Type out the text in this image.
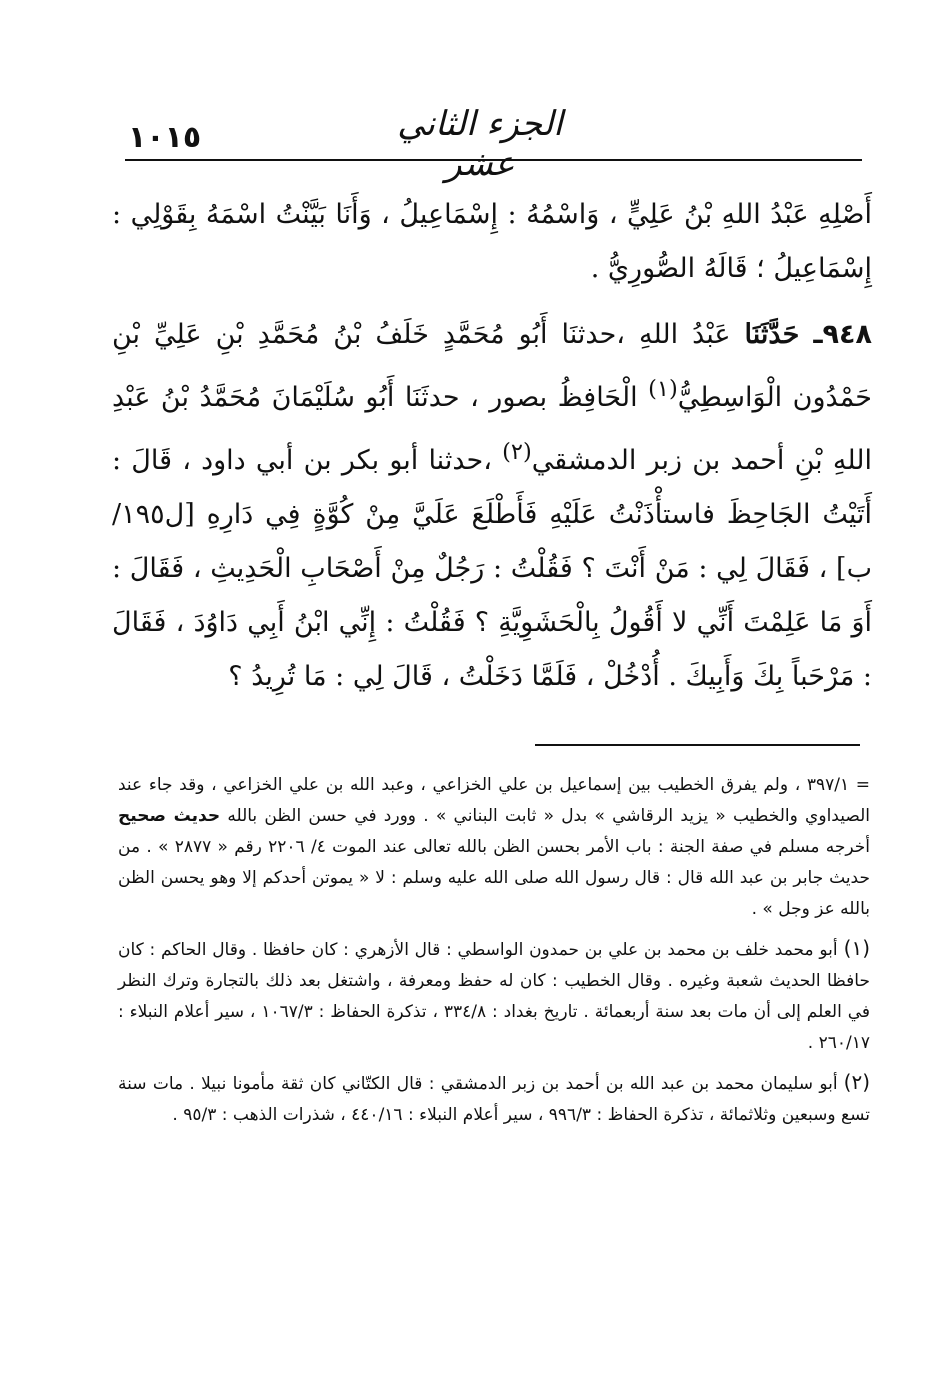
١٠١٥	الجزء الثاني عشر

أَصْلِهِ عَبْدُ اللهِ بْنُ عَلِيٍّ ، وَاسْمُهُ : إِسْمَاعِيلُ ، وَأَنَا بَيَّنْتُ اسْمَهُ بِقَوْلِي : إِسْمَاعِيلُ ؛ قَالَهُ الصُّورِيُّ .

٩٤٨ـ حَدَّثَنَا عَبْدُ اللهِ ،حدثنَا أَبُو مُحَمَّدٍ خَلَفُ بْنُ مُحَمَّدِ بْنِ عَلِيِّ بْنِ حَمْدُون الْوَاسِطِيُّ$^{(١)}$ الْحَافِظُ بصور ، حدثَنَا أَبُو سُلَيْمَانَ مُحَمَّدُ بْنُ عَبْدِ اللهِ بْنِ أحمد بن زبر الدمشقي$^{(٢)}$ ،حدثنا أبو بكر بن أبي داود ، قَالَ : أَتَيْتُ الجَاحِظَ فاستأْذَنْتُ عَلَيْهِ فَأَطْلَعَ عَلَيَّ مِنْ كُوَّةٍ فِي دَارِهِ [ل١٩٥/ ب] ، فَقَالَ لِي : مَنْ أَنْتَ ؟ فَقُلْتُ : رَجُلٌ مِنْ أَصْحَابِ الْحَدِيثِ ، فَقَالَ : أَوَ مَا عَلِمْتَ أَنِّي لا أَقُولُ بِالْحَشَوِيَّةِ ؟ فَقُلْتُ : إِنِّي ابْنُ أَبِي دَاوُدَ ، فَقَالَ : مَرْحَباً بِكَ وَأَبِيكَ . أُدْخُلْ ، فَلَمَّا دَخَلْتُ ، قَالَ لِي : مَا تُرِيدُ ؟

= ٣٩٧/١ ، ولم يفرق الخطيب بين إسماعيل بن علي الخزاعي ، وعبد الله بن علي الخزاعي ، وقد جاء عند الصيداوي والخطيب « يزيد الرقاشي » بدل « ثابت البناني » . وورد في حسن الظن بالله حديث صحيح أخرجه مسلم في صفة الجنة : باب الأمر بحسن الظن بالله تعالى عند الموت ٤/ ٢٢٠٦ رقم « ٢٨٧٧ » . من حديث جابر بن عبد الله قال : قال رسول الله صلى الله عليه وسلم : لا « يموتن أحدكم إلا وهو يحسن الظن بالله عز وجل » .

(١)أبو محمد خلف بن محمد بن علي بن حمدون الواسطي : قال الأزهري : كان حافظا . وقال الحاكم : كان حافظا الحديث شعبة وغيره . وقال الخطيب : كان له حفظ ومعرفة ، واشتغل بعد ذلك بالتجارة وترك النظر في العلم إلى أن مات بعد سنة أربعمائة . تاريخ بغداد : ٣٣٤/٨ ، تذكرة الحفاظ : ١٠٦٧/٣ ، سير أعلام النبلاء : ٢٦٠/١٧ .

(٢)أبو سليمان محمد بن عبد الله بن أحمد بن زبر الدمشقي : قال الكتّاني كان ثقة مأمونا نبيلا . مات سنة تسع وسبعين وثلاثمائة ، تذكرة الحفاظ : ٩٩٦/٣ ، سير أعلام النبلاء : ٤٤٠/١٦ ، شذرات الذهب : ٩٥/٣ .
